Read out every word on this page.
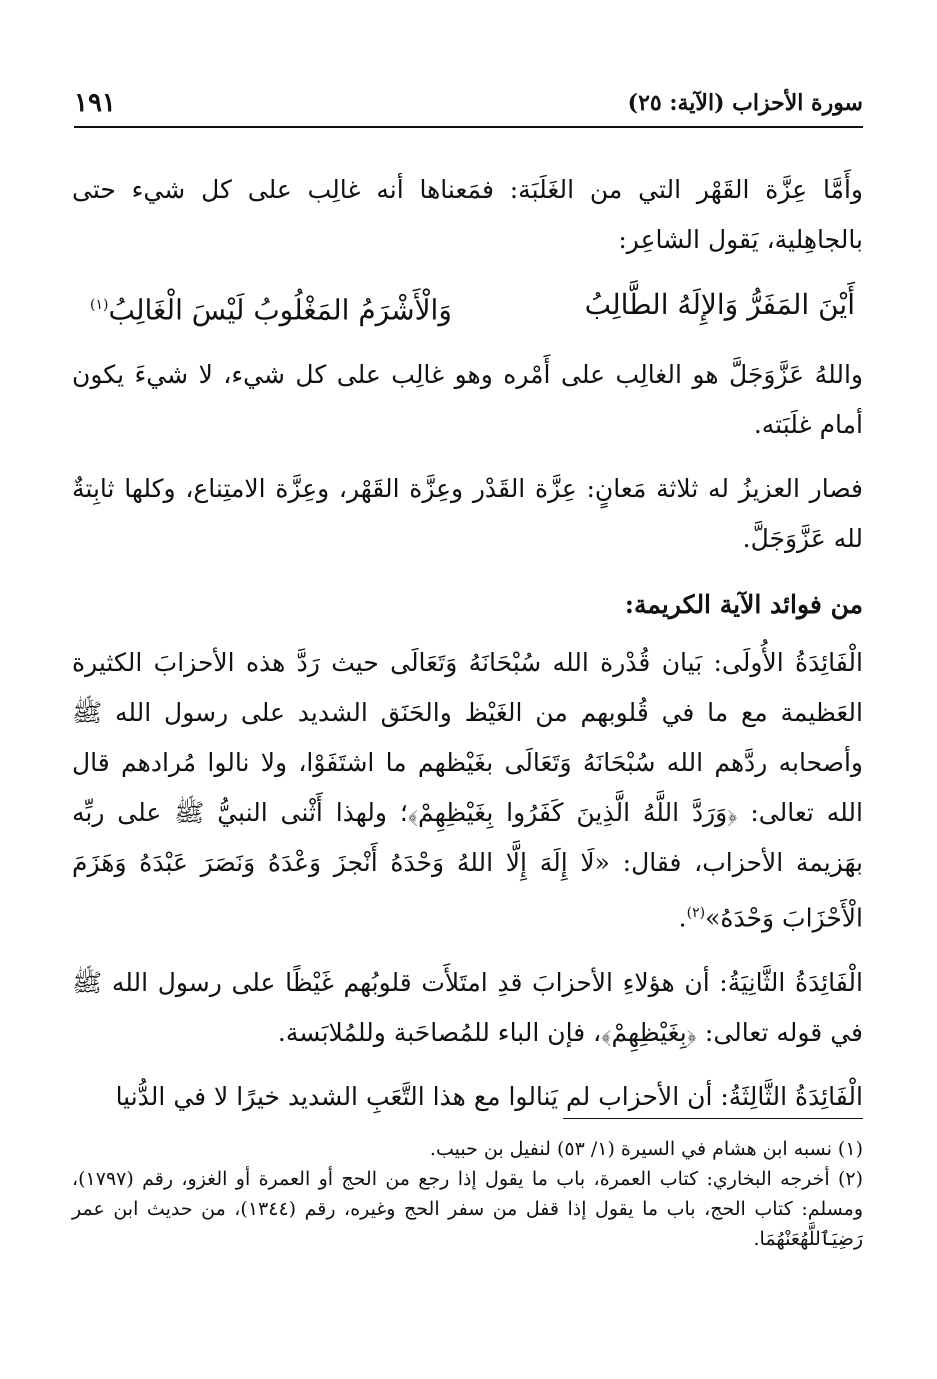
سورة الأحزاب (الآية: ٢٥)
١٩١

وأَمَّا عِزَّة القَهْر التي من الغَلَبَة: فمَعناها أنه غالِب على كل شيء حتى بالجاهِلية، يَقول الشاعِر:

أَيْنَ المَفَرُّ وَالإِلَهُ الطَّالِبُ
وَالْأَشْرَمُ المَغْلُوبُ لَيْسَ الْغَالِبُ$^{(١)}$

واللهُ عَزَّوَجَلَّ هو الغالِب على أَمْره وهو غالِب على كل شيء، لا شيءَ يكون أمام غلَبَته.

فصار العزيزُ له ثلاثة مَعانٍ: عِزَّة القَدْر وعِزَّة القَهْر، وعِزَّة الامتِناع، وكلها ثابِتةٌ لله عَزَّوَجَلَّ.

من فوائد الآية الكريمة:

الْفَائِدَةُ الأُولَى: بَيان قُدْرة الله سُبْحَانَهُ وَتَعَالَى حيث رَدَّ هذه الأحزابَ الكثيرة العَظيمة مع ما في قُلوبهم من الغَيْظ والحَنَق الشديد على رسول الله ﷺ وأصحابه ردَّهم الله سُبْحَانَهُ وَتَعَالَى بغَيْظهم ما اشتَفَوْا، ولا نالوا مُرادهم قال الله تعالى: ﴿وَرَدَّ اللَّهُ الَّذِينَ كَفَرُوا بِغَيْظِهِمْ﴾؛ ولهذا أَثْنى النبيُّ ﷺ على ربِّه بهَزيمة الأحزاب، فقال: «لَا إِلَهَ إِلَّا اللهُ وَحْدَهُ أَنْجزَ وَعْدَهُ وَنَصَرَ عَبْدَهُ وَهَزَمَ الْأَحْزَابَ وَحْدَهُ»$^{(٢)}$.

الْفَائِدَةُ الثَّانِيَةُ: أن هؤلاءِ الأحزابَ قدِ امتَلأَت قلوبُهم غَيْظًا على رسول الله ﷺ في قوله تعالى: ﴿بِغَيْظِهِمْ﴾، فإن الباء للمُصاحَبة وللمُلابَسة.

الْفَائِدَةُ الثَّالِثَةُ: أن الأحزاب لم يَنالوا مع هذا التَّعَبِ الشديد خيرًا لا في الدُّنيا

(١) نسبه ابن هشام في السيرة (١/ ٥٣) لنفيل بن حبيب.

(٢) أخرجه البخاري: كتاب العمرة، باب ما يقول إذا رجع من الحج أو العمرة أو الغزو، رقم (١٧٩٧)، ومسلم: كتاب الحج، باب ما يقول إذا قفل من سفر الحج وغيره، رقم (١٣٤٤)، من حديث ابن عمر رَضِيَٱللَّهُعَنْهُمَا.
